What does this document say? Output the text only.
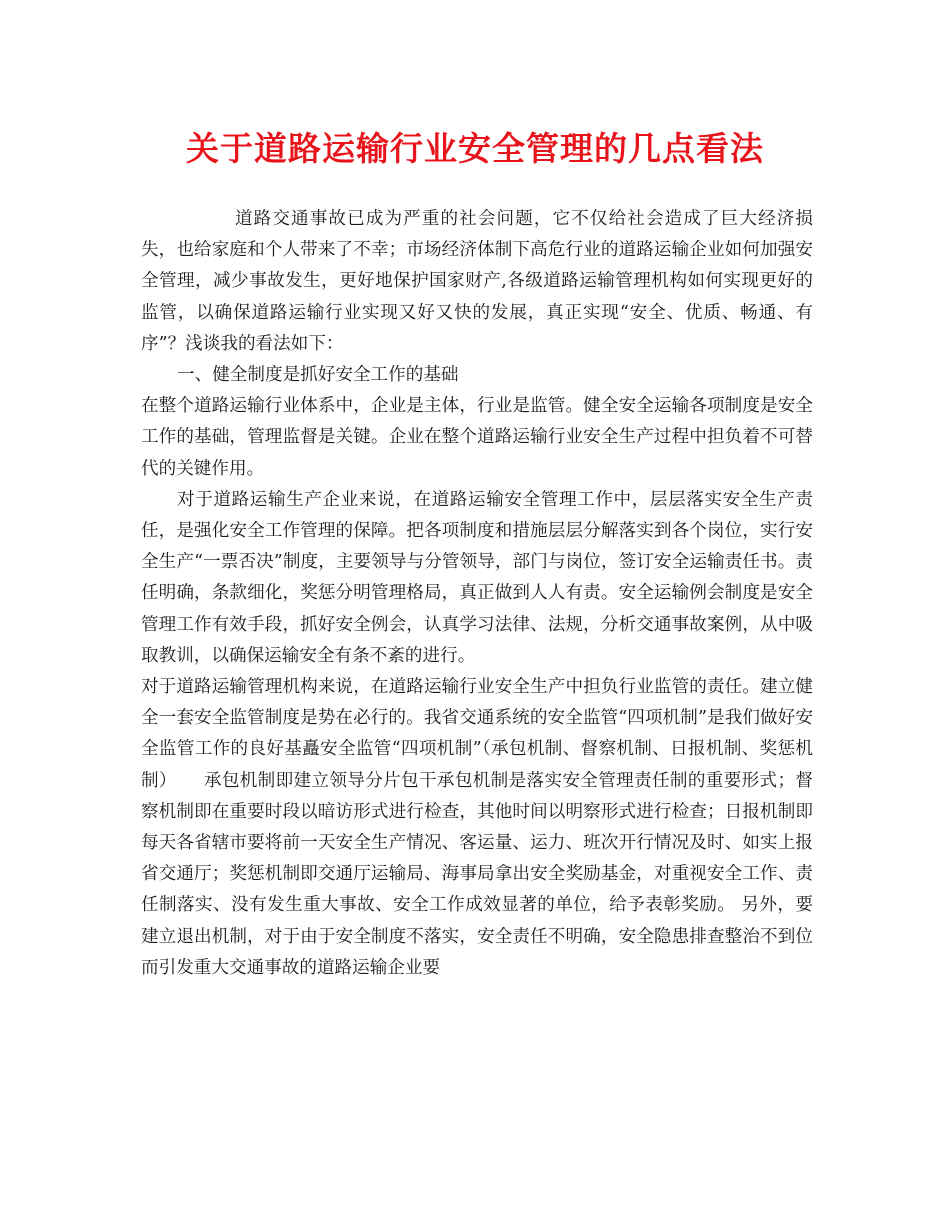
关于道路运输行业安全管理的几点看法

道路交通事故已成为严重的社会问题，它不仅给社会造成了巨大经济损失，也给家庭和个人带来了不幸；市场经济体制下高危行业的道路运输企业如何加强安全管理，减少事故发生，更好地保护国家财产,各级道路运输管理机构如何实现更好的监管，以确保道路运输行业实现又好又快的发展，真正实现“安全、优质、畅通、有序”？浅谈我的看法如下：

一、健全制度是抓好安全工作的基础

在整个道路运输行业体系中，企业是主体，行业是监管。健全安全运输各项制度是安全工作的基础，管理监督是关键。企业在整个道路运输行业安全生产过程中担负着不可替代的关键作用。

对于道路运输生产企业来说，在道路运输安全管理工作中，层层落实安全生产责任，是强化安全工作管理的保障。把各项制度和措施层层分解落实到各个岗位，实行安全生产“一票否决”制度，主要领导与分管领导，部门与岗位，签订安全运输责任书。责任明确，条款细化，奖惩分明管理格局，真正做到人人有责。安全运输例会制度是安全管理工作有效手段，抓好安全例会，认真学习法律、法规，分析交通事故案例，从中吸取教训，以确保运输安全有条不紊的进行。

对于道路运输管理机构来说，在道路运输行业安全生产中担负行业监管的责任。建立健全一套安全监管制度是势在必行的。我省交通系统的安全监管“四项机制”是我们做好安全监管工作的良好基矗安全监管“四项机制”（承包机制、督察机制、日报机制、奖惩机制）　　承包机制即建立领导分片包干承包机制是落实安全管理责任制的重要形式；督察机制即在重要时段以暗访形式进行检查，其他时间以明察形式进行检查；日报机制即每天各省辖市要将前一天安全生产情况、客运量、运力、班次开行情况及时、如实上报省交通厅；奖惩机制即交通厅运输局、海事局拿出安全奖励基金，对重视安全工作、责任制落实、没有发生重大事故、安全工作成效显著的单位，给予表彰奖励。 另外，要建立退出机制，对于由于安全制度不落实，安全责任不明确，安全隐患排查整治不到位而引发重大交通事故的道路运输企业要
